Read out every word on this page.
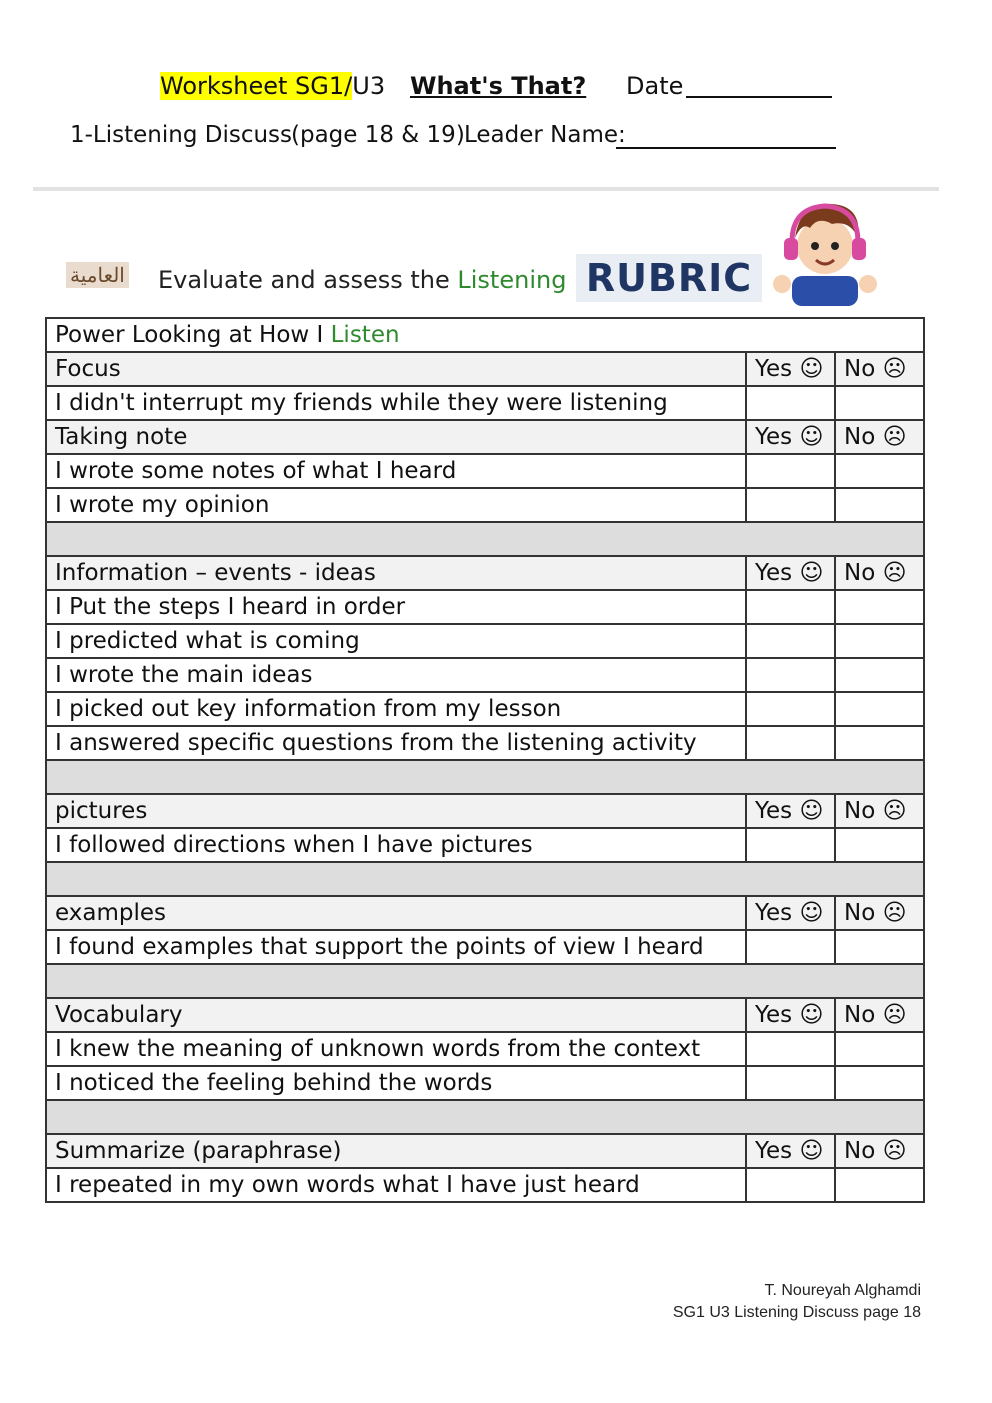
Worksheet SG1/U3 What's That? Date
1-Listening Discuss
(page 18 & 19) Leader Name:
العامية Evaluate and assess the Listening RUBRIC
Power Looking at How I Listen		
Focus	Yes ☺	No ☹
I didn't interrupt my friends while they were listening		
Taking note	Yes ☺	No ☹
I wrote some notes of what I heard		
I wrote my opinion		

Information – events - ideas	Yes ☺	No ☹
I Put the steps I heard in order		
I predicted what is coming		
I wrote the main ideas		
I picked out key information from my lesson		
I answered specific questions from the listening activity		

pictures	Yes ☺	No ☹
I followed directions when I have pictures		

examples	Yes ☺	No ☹
I found examples that support the points of view I heard		

Vocabulary	Yes ☺	No ☹
I knew the meaning of unknown words from the context		
I noticed the feeling behind the words		

Summarize (paraphrase)	Yes ☺	No ☹
I repeated in my own words what I have just heard		
T. Noureyah Alghamdi
SG1 U3 Listening Discuss page 18
